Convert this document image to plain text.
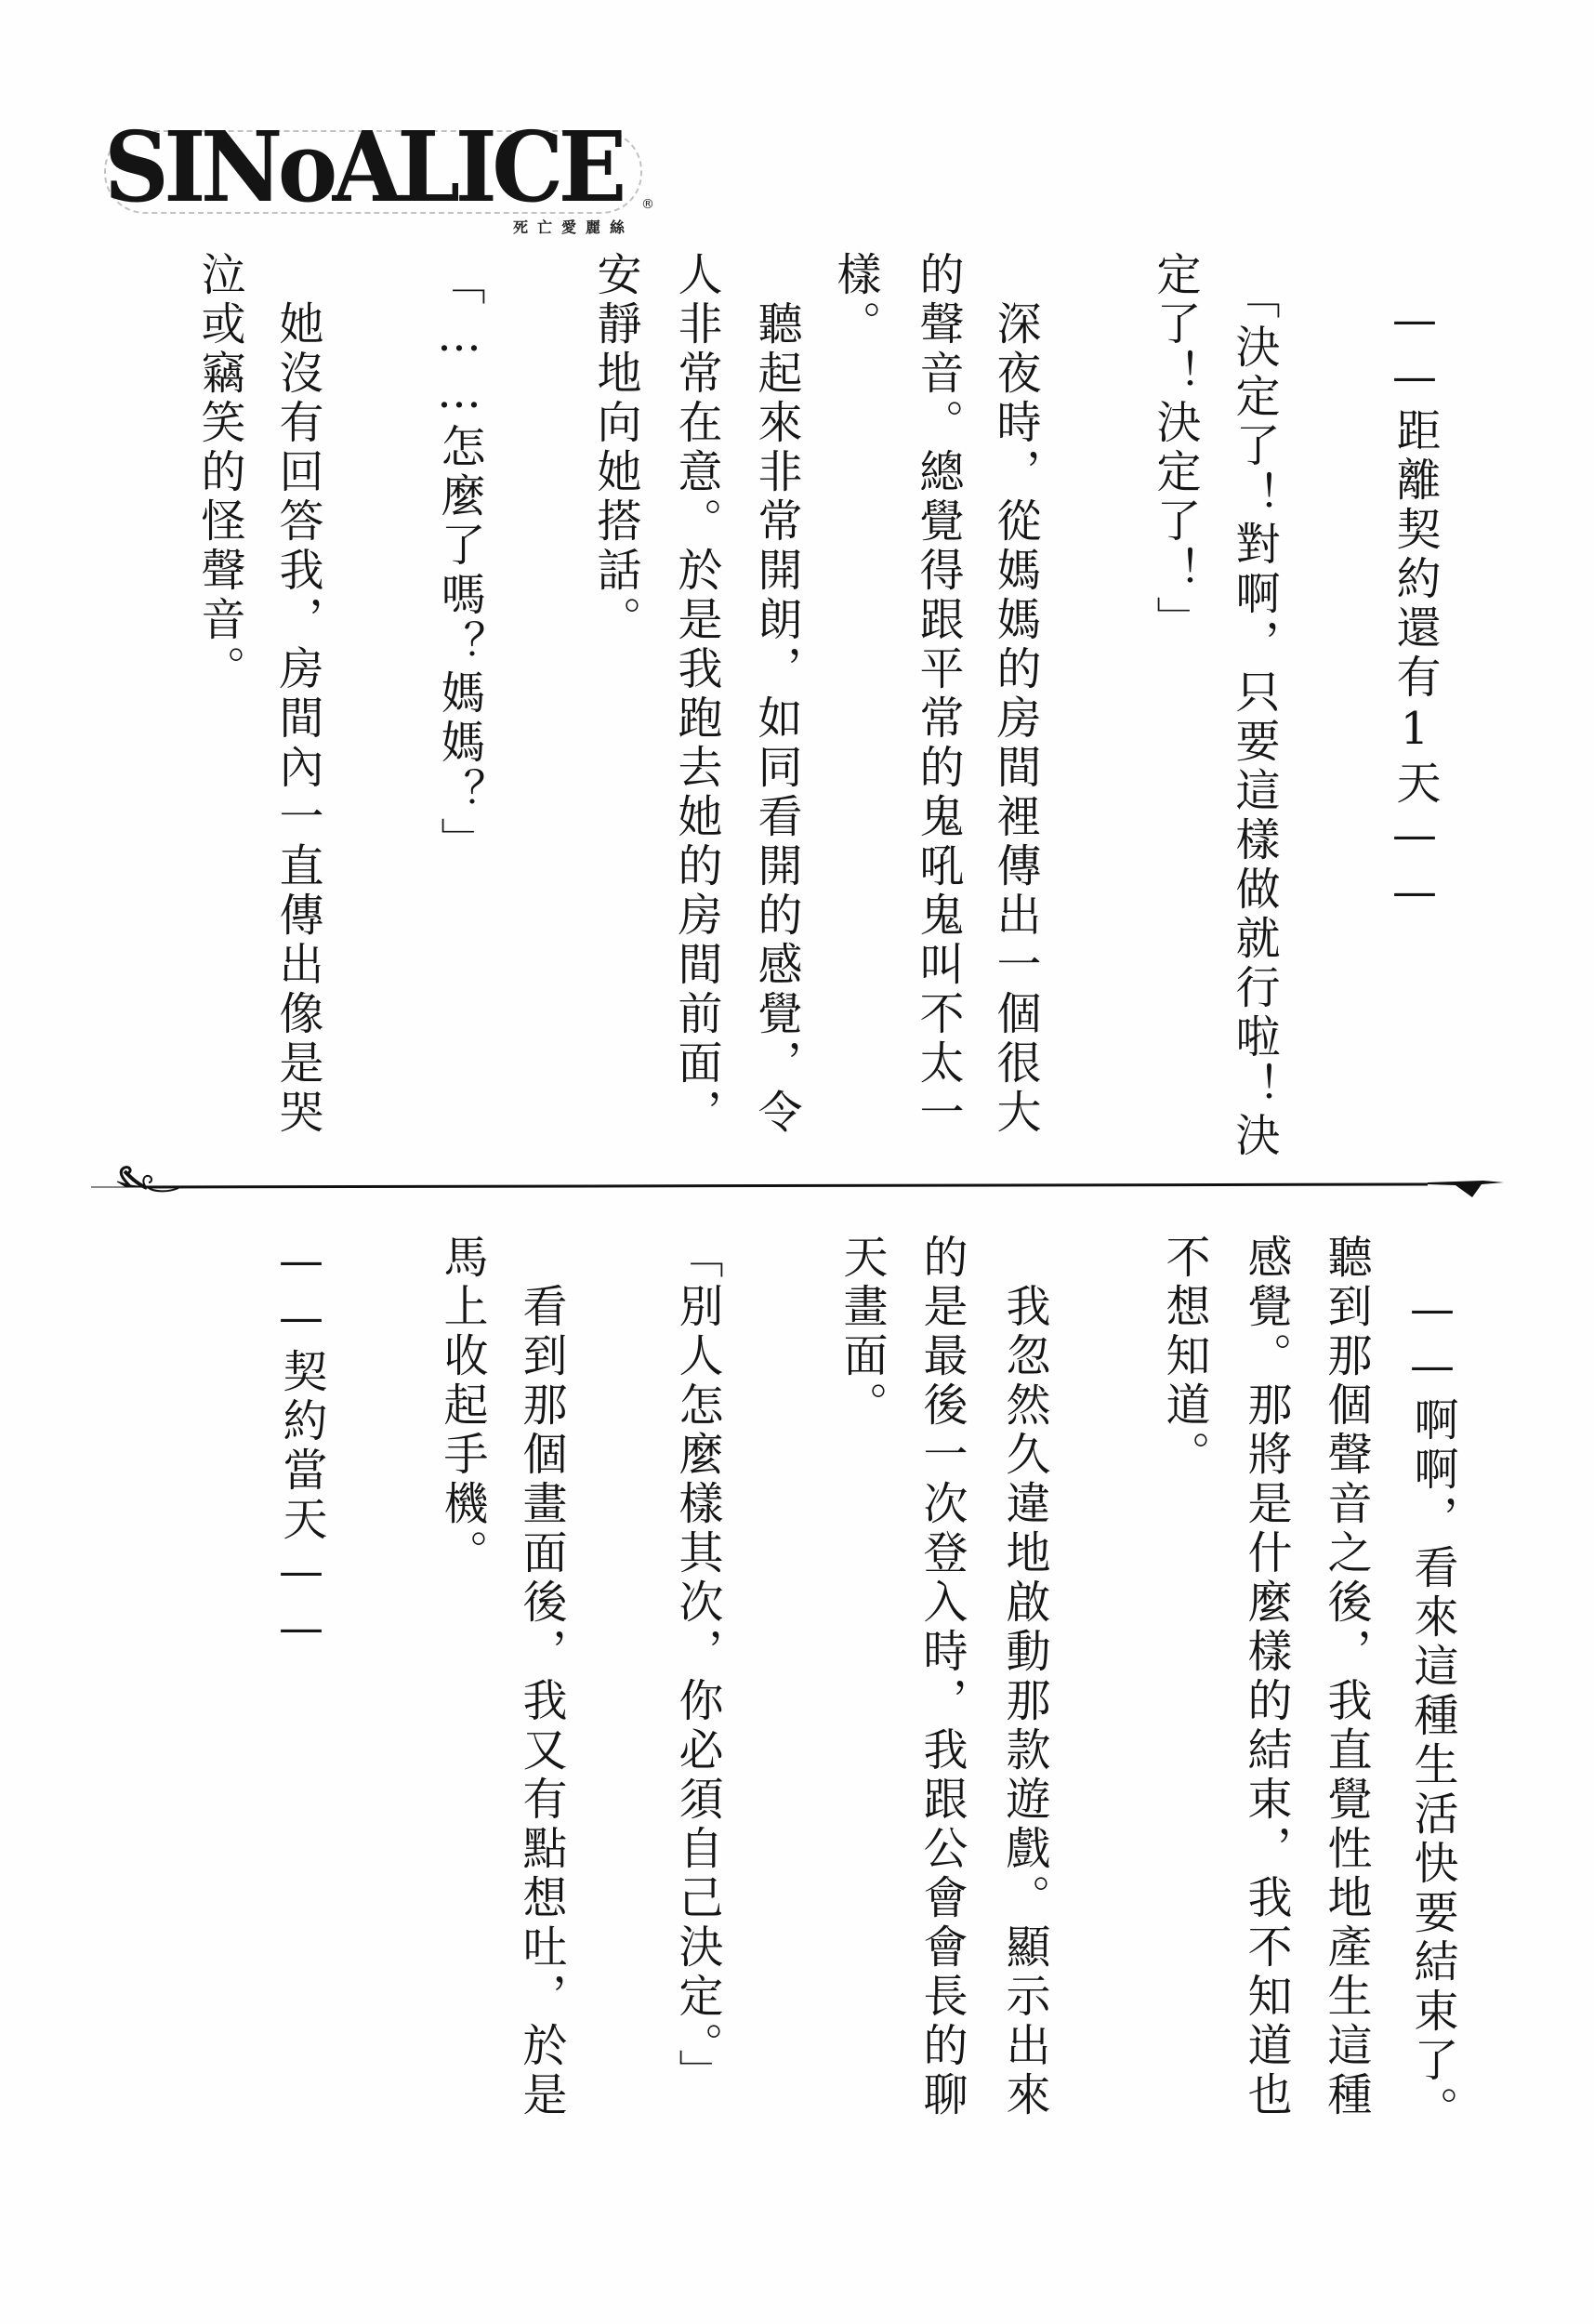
SINoALICE ®
死亡愛麗絲
　——距離契約還有1天——
「決定了！對啊，只要這樣做就行啦！決
定了！決定了！」
　深夜時，從媽媽的房間裡傳出一個很大
的聲音。總覺得跟平常的鬼吼鬼叫不太一
樣。
　聽起來非常開朗，如同看開的感覺，令
人非常在意。於是我跑去她的房間前面，
安靜地向她搭話。
「……怎麼了嗎？媽媽？」
　她沒有回答我，房間內一直傳出像是哭
泣或竊笑的怪聲音。
　——啊啊，看來這種生活快要結束了。
聽到那個聲音之後，我直覺性地產生這種
感覺。那將是什麼樣的結束，我不知道也
不想知道。
　我忽然久違地啟動那款遊戲。顯示出來
的是最後一次登入時，我跟公會會長的聊
天畫面。
「別人怎麼樣其次，你必須自己決定。」
　看到那個畫面後，我又有點想吐，於是
馬上收起手機。
　——契約當天——
